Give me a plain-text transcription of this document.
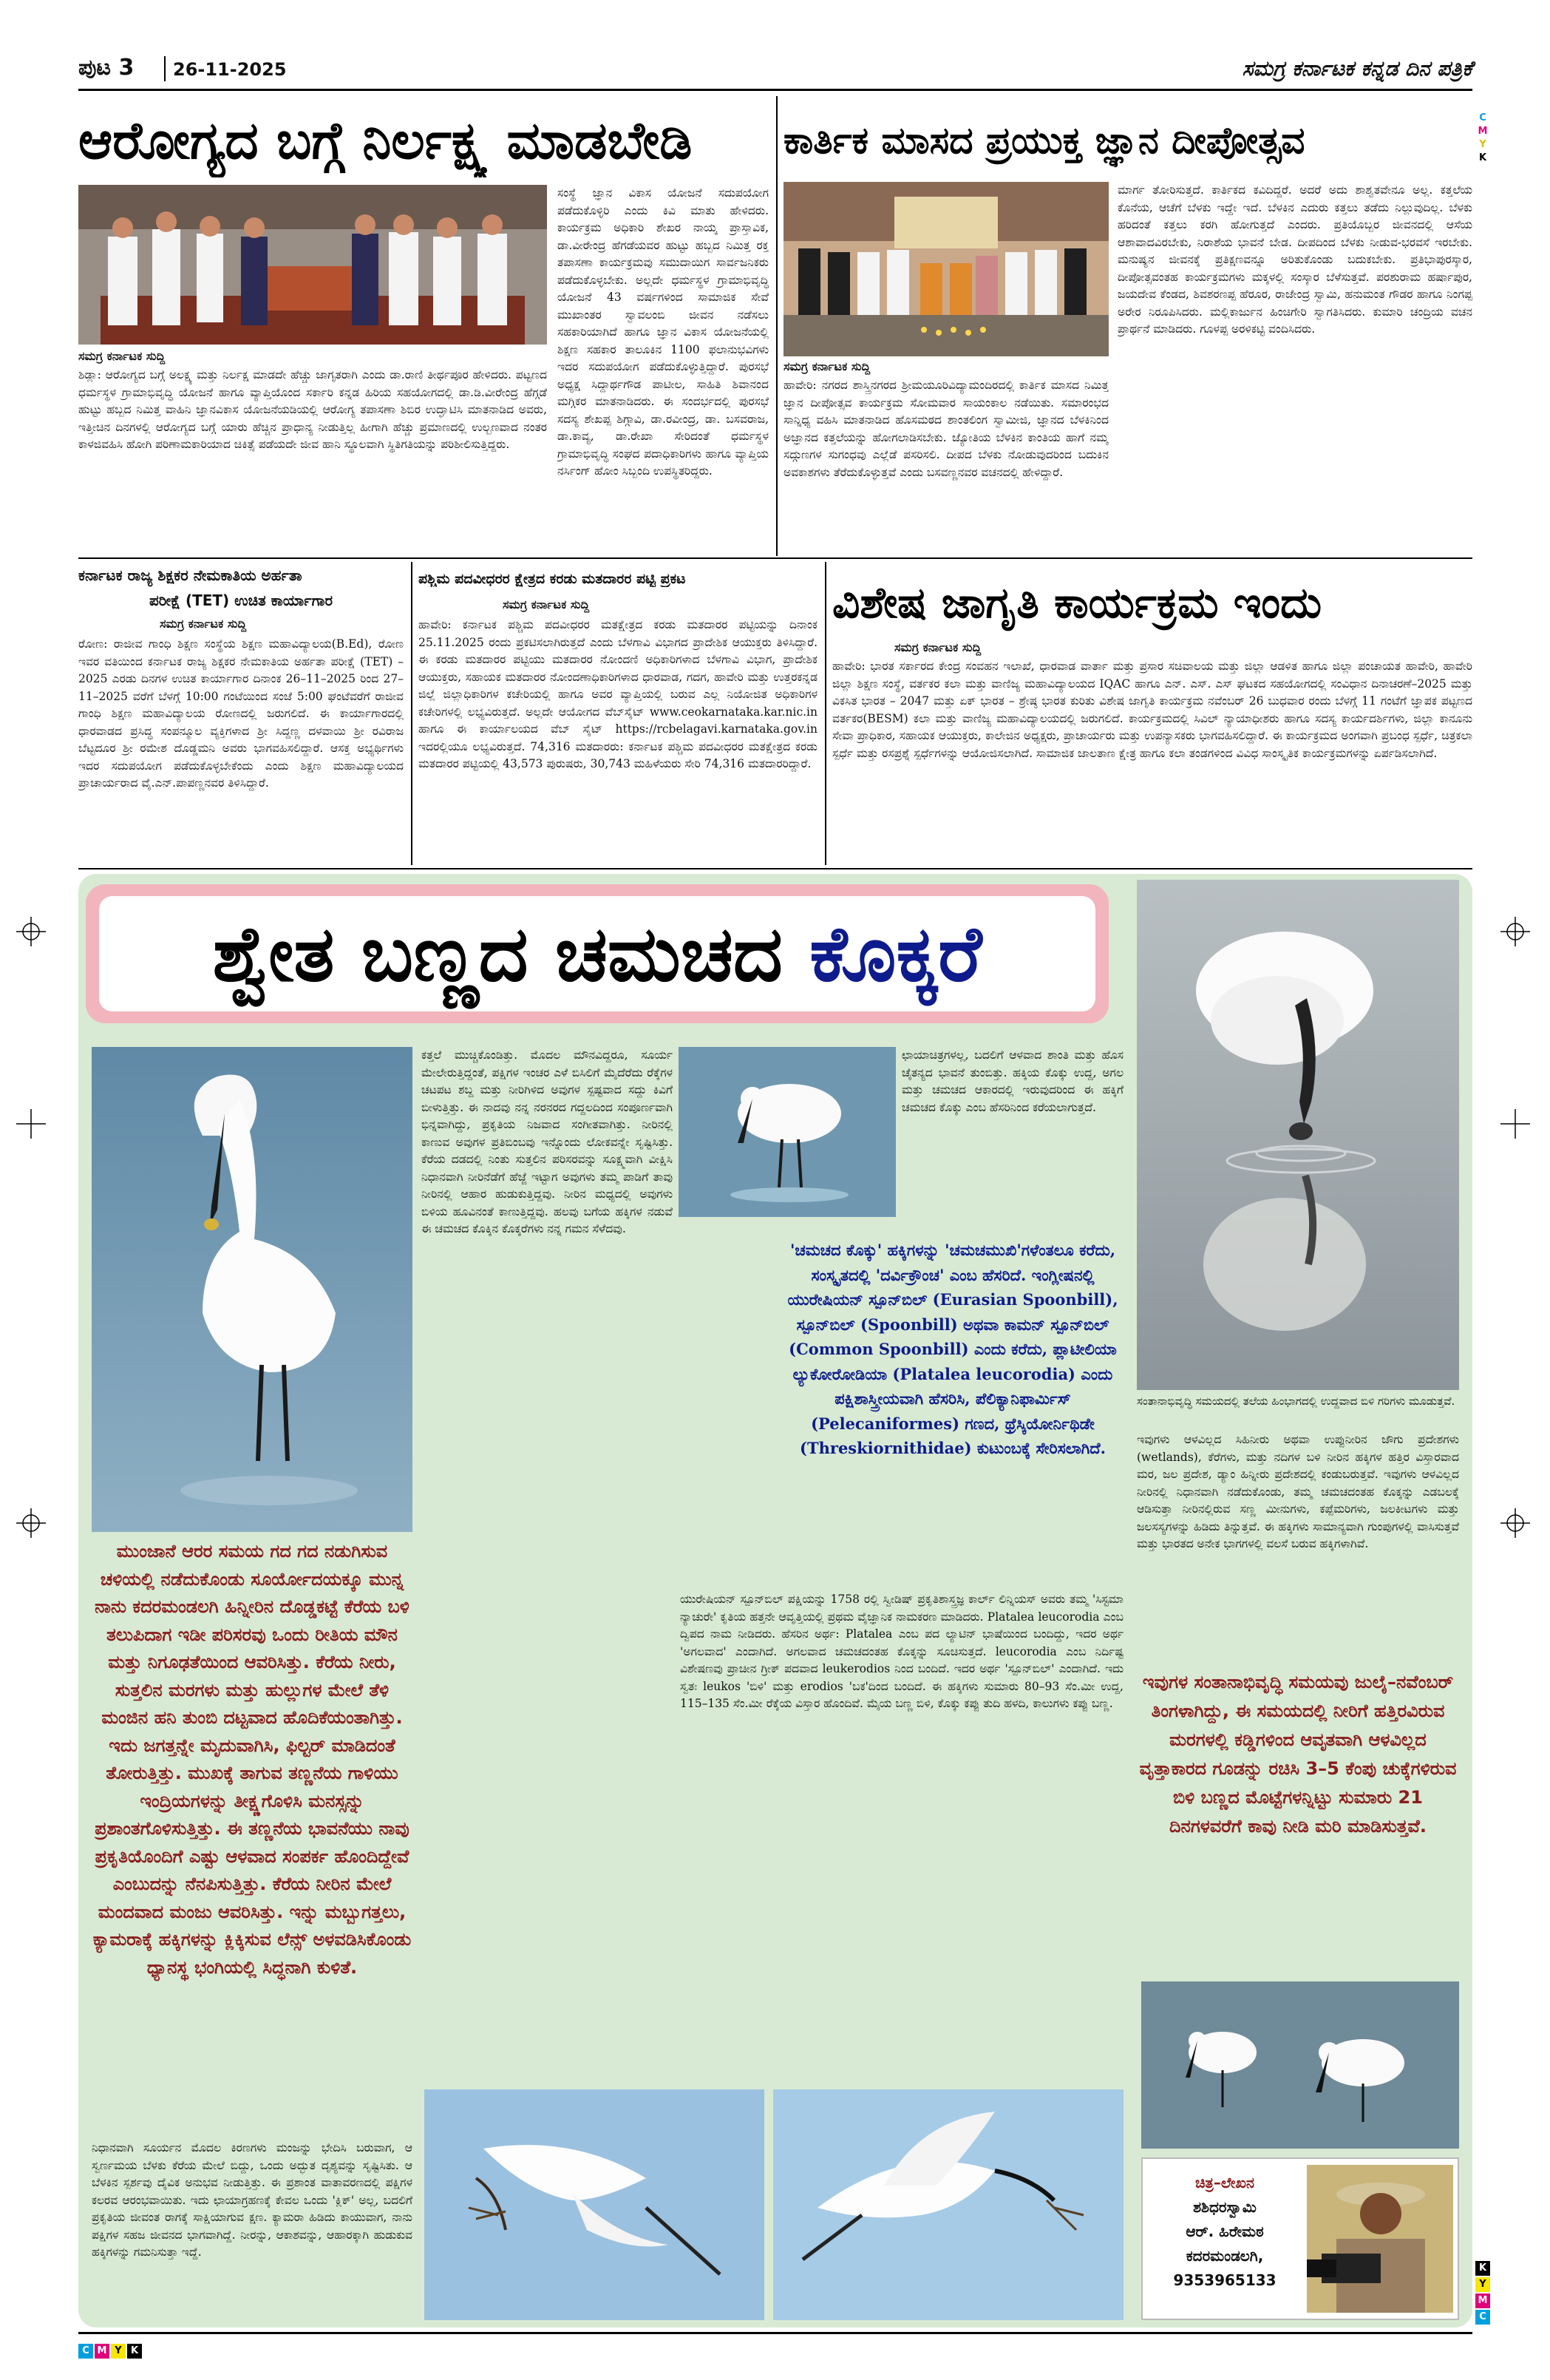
ಪುಟ 3 26-11-2025	ಸಮಗ್ರ ಕರ್ನಾಟಕ ಕನ್ನಡ ದಿನ ಪತ್ರಿಕೆ
C
M
Y
K
ಆರೋಗ್ಯದ ಬಗ್ಗೆ ನಿರ್ಲಕ್ಷ್ಯ ಮಾಡಬೇಡಿ
ಸಮಗ್ರ ಕರ್ನಾಟಕ ಸುದ್ದಿ
ಶಿಡ್ಲಾ: ಆರೋಗ್ಯದ ಬಗ್ಗೆ ಅಲಕ್ಷ್ಯ ಮತ್ತು ನಿರ್ಲಕ್ಷ ಮಾಡದೇ ಹೆಚ್ಚು ಜಾಗೃತರಾಗಿ ಎಂದು ಡಾ.ರಾಣಿ ತೀರ್ಥಪೂರ ಹೇಳಿದರು. ಪಟ್ಟಣದ ಧರ್ಮಸ್ಥಳ ಗ್ರಾಮಾಭಿವೃದ್ಧಿ ಯೋಜನೆ ಹಾಗೂ ವ್ಯಾಪ್ತಿಯೊಂದ ಸರ್ಕಾರಿ ಕನ್ನಡ ಹಿರಿಯ ಸಹಯೋಗದಲ್ಲಿ ಡಾ.ಡಿ.ವೀರೇಂದ್ರ ಹೆಗ್ಗಡೆ ಹುಟ್ಟು ಹಬ್ಬದ ನಿಮಿತ್ತ ವಾಹಿನಿ ಜ್ಞಾನವಿಕಾಸ ಯೋಜನೆಯಡಿಯಲ್ಲಿ ಆರೋಗ್ಯ ತಪಾಸಣಾ ಶಿಬಿರ ಉದ್ಘಾಟಿಸಿ ಮಾತನಾಡಿದ ಅವರು, ಇತ್ತೀಚಿನ ದಿನಗಳಲ್ಲಿ ಆರೋಗ್ಯದ ಬಗ್ಗೆ ಯಾರು ಹೆಚ್ಚಿನ ಪ್ರಾಧಾನ್ಯ ನೀಡುತ್ತಿಲ್ಲ ಹೀಗಾಗಿ ಹೆಚ್ಚು ಪ್ರಮಾಣದಲ್ಲಿ ಉಲ್ಬಣವಾದ ನಂತರ ಕಾಳಜಿವಹಿಸಿ ಹೋಗಿ ಪರಿಣಾಮಕಾರಿಯಾದ ಚಿಕಿತ್ಸೆ ಪಡೆಯದೇ ಜೀವ ಹಾನಿ ಸ್ಥೂಲವಾಗಿ ಸ್ಥಿತಿಗತಿಯನ್ನು ಪರಿಶೀಲಿಸುತ್ತಿದ್ದರು.
ಸಂಸ್ಥೆ ಜ್ಞಾನ ವಿಕಾಸ ಯೋಜನೆ ಸದುಪಯೋಗ ಪಡೆದುಕೊಳ್ಳಿರಿ ಎಂದು ಕಿವಿ ಮಾತು ಹೇಳಿದರು. ಕಾರ್ಯಕ್ರಮ ಅಧಿಕಾರಿ ಶೇಖರ ನಾಯ್ಕ ಪ್ರಾಸ್ತಾವಿಕ, ಡಾ.ವೀರೇಂದ್ರ ಹೆಗಡೆಯವರ ಹುಟ್ಟು ಹಬ್ಬದ ನಿಮಿತ್ತ ರಕ್ತ ತಪಾಸಣಾ ಕಾರ್ಯಕ್ರಮವು ಸಮುದಾಯಿಗ ಸಾರ್ವಜನಿಕರು ಪಡೆದುಕೊಳ್ಳಬೇಕು. ಅಲ್ಲದೇ ಧರ್ಮಸ್ಥಳ ಗ್ರಾಮಾಭಿವೃದ್ಧಿ ಯೋಜನೆ 43 ವರ್ಷಗಳಿಂದ ಸಾಮಾಜಿಕ ಸೇವೆ ಮುಖಾಂತರ ಸ್ವಾವಲಂಬಿ ಜೀವನ ನಡೆಸಲು ಸಹಕಾರಿಯಾಗಿದೆ ಹಾಗೂ ಜ್ಞಾನ ವಿಕಾಸ ಯೋಜನೆಯಲ್ಲಿ ಶಿಕ್ಷಣ ಸಹಕಾರ ತಾಲೂಕಿನ 1100 ಫಲಾನುಭವಿಗಳು ಇದರ ಸದುಪಯೋಗ ಪಡೆದುಕೊಳ್ಳುತ್ತಿದ್ದಾರೆ. ಪುರಸಭೆ ಅಧ್ಯಕ್ಷ ಸಿದ್ದಾರ್ಥಗೌಡ ಪಾಟೀಲ, ಸಾಹಿತಿ ಶಿವಾನಂದ ಮಗ್ಗಿಕರ ಮಾತನಾಡಿದರು. ಈ ಸಂದರ್ಭದಲ್ಲಿ ಪುರಸಭೆ ಸದಸ್ಯ ಶೇಖಪ್ಪ ಶಿಗ್ಗಾವಿ, ಡಾ.ರವೀಂದ್ರ, ಡಾ. ಬಸವರಾಜ, ಡಾ.ಕಾವ್ಯ, ಡಾ.ರೇಖಾ ಸೇರಿದಂತೆ ಧರ್ಮಸ್ಥಳ ಗ್ರಾಮಾಭಿವೃದ್ಧಿ ಸಂಘದ ಪದಾಧಿಕಾರಿಗಳು ಹಾಗೂ ವ್ಯಾಪ್ತಿಯ ನರ್ಸಿಂಗ್ ಹೋಂ ಸಿಬ್ಬಂದಿ ಉಪಸ್ಥಿತರಿದ್ದರು.
ಕಾರ್ತಿಕ ಮಾಸದ ಪ್ರಯುಕ್ತ ಜ್ಞಾನ ದೀಪೋತ್ಸವ
ಸಮಗ್ರ ಕರ್ನಾಟಕ ಸುದ್ದಿ
ಹಾವೇರಿ: ನಗರದ ಶಾಸ್ತ್ರಿನಗರದ ಶ್ರೀಮಯೂರಿವಿದ್ಯಾಮಂದಿರದಲ್ಲಿ ಕಾರ್ತಿಕ ಮಾಸದ ನಿಮಿತ್ತ ಜ್ಞಾನ ದೀಪೋತ್ಸವ ಕಾರ್ಯಕ್ರಮ ಸೋಮವಾರ ಸಾಯಂಕಾಲ ನಡೆಯಿತು. ಸಮಾರಂಭದ ಸಾನ್ನಿಧ್ಯ ವಹಿಸಿ ಮಾತನಾಡಿದ ಹೊಸಮಠದ ಶಾಂತಲಿಂಗ ಸ್ವಾಮೀಜಿ, ಜ್ಞಾನದ ಬೆಳಕಿನಿಂದ ಅಜ್ಞಾನದ ಕತ್ತಲೆಯನ್ನು ಹೋಗಲಾಡಿಸಬೇಕು. ಜ್ಯೋತಿಯ ಬೆಳಕಿನ ಕಾಂತಿಯ ಹಾಗೆ ನಮ್ಮ ಸದ್ಗುಣಗಳ ಸುಗಂಧವು ಎಲ್ಲೆಡೆ ಪಸರಿಸಲಿ. ದೀಪದ ಬೆಳಕು ನೋಡುವುದರಿಂದ ಬದುಕಿನ ಅವಕಾಶಗಳು ತೆರೆದುಕೊಳ್ಳುತ್ತವೆ ಎಂದು ಬಸವಣ್ಣನವರ ವಚನದಲ್ಲಿ ಹೇಳಿದ್ದಾರೆ.
ಮಾರ್ಗ ತೋರಿಸುತ್ತದೆ. ಕಾರ್ತಿಕದ ಕವಿದಿದ್ದರೆ. ಅದರೆ ಅದು ಶಾಶ್ವತವೇನೂ ಅಲ್ಲ. ಕತ್ತಲೆಯ ಕೊನೆಯ, ಆಚೆಗೆ ಬೆಳಕು ಇದ್ದೇ ಇದೆ. ಬೆಳಕಿನ ಎದುರು ಕತ್ತಲು ತಡೆದು ನಿಲ್ಲುವುದಿಲ್ಲ. ಬೆಳಕು ಹರಿದಂತೆ ಕತ್ತಲು ಕರಗಿ ಹೋಗುತ್ತದೆ ಎಂದರು. ಪ್ರತಿಯೊಬ್ಬರ ಜೀವನದಲ್ಲಿ ಆಸೆಯ ಆಶಾವಾದವಿರಬೇಕು, ನಿರಾಶೆಯ ಭಾವನೆ ಬೇಡ. ದೀಪದಿಂದ ಬೆಳಕು ನೀಡುವ-ಭರವಸೆ ಇರಬೇಕು. ಮನುಷ್ಯನ ಜೀವನಕ್ಕೆ ಪ್ರತಿಕ್ಷಣವನ್ನೂ ಅರಿತುಕೊಂಡು ಬದುಕಬೇಕು. ಪ್ರತಿಭಾಪುರಸ್ಕಾರ, ದೀಪೋತ್ಸವಂತಹ ಕಾರ್ಯಕ್ರಮಗಳು ಮಕ್ಕಳಲ್ಲಿ ಸಂಸ್ಕಾರ ಬೆಳೆಸುತ್ತವೆ. ಪರಶುರಾಮ ಹರ್ಷಾಪುರ, ಜಯದೇವ ಕೆಂಡದ, ಶಿವಶರಣಪ್ಪ ಹೆರೂರ, ರಾಜೇಂದ್ರ ಸ್ವಾಮಿ, ಹನುಮಂತ ಗೌಡರ ಹಾಗೂ ನಿಂಗಪ್ಪ ಅರೇರ ನಿರೂಪಿಸಿದರು. ಮಲ್ಲಿಕಾರ್ಜುನ ಹಿಂಚಿಗೇರಿ ಸ್ವಾಗತಿಸಿದರು. ಕುಮಾರಿ ಚಂದ್ರಿಯ ವಚನ ಪ್ರಾರ್ಥನೆ ಮಾಡಿದರು. ಗೂಳಪ್ಪ ಅರಳಿಕಟ್ಟಿ ವಂದಿಸಿದರು.
ಕರ್ನಾಟಕ ರಾಜ್ಯ ಶಿಕ್ಷಕರ ನೇಮಕಾತಿಯ ಅರ್ಹತಾ
ಪರೀಕ್ಷೆ (TET) ಉಚಿತ ಕಾರ್ಯಾಗಾರ
ಸಮಗ್ರ ಕರ್ನಾಟಕ ಸುದ್ದಿ
ರೋಣ: ರಾಜೀವ ಗಾಂಧಿ ಶಿಕ್ಷಣ ಸಂಸ್ಥೆಯ ಶಿಕ್ಷಣ ಮಹಾವಿದ್ಯಾಲಯ(B.Ed), ರೋಣ ಇವರ ವತಿಯಿಂದ ಕರ್ನಾಟಕ ರಾಜ್ಯ ಶಿಕ್ಷಕರ ನೇಮಕಾತಿಯ ಅರ್ಹತಾ ಪರೀಕ್ಷೆ (TET) – 2025 ಎರಡು ದಿನಗಳ ಉಚಿತ ಕಾರ್ಯಾಗಾರ ದಿನಾಂಕ 26–11–2025 ರಿಂದ 27–11–2025 ವರೆಗೆ ಬೆಳಗ್ಗೆ 10:00 ಗಂಟೆಯಿಂದ ಸಂಜೆ 5:00 ಘಂಟೆವರೆಗೆ ರಾಜೀವ ಗಾಂಧಿ ಶಿಕ್ಷಣ ಮಹಾವಿದ್ಯಾಲಯ ರೋಣದಲ್ಲಿ ಜರುಗಲಿದೆ. ಈ ಕಾರ್ಯಾಗಾರದಲ್ಲಿ ಧಾರವಾಡದ ಪ್ರಸಿದ್ಧ ಸಂಪನ್ಮೂಲ ವ್ಯಕ್ತಿಗಳಾದ ಶ್ರೀ ಸಿದ್ದಣ್ಣ ದಳವಾಯಿ ಶ್ರೀ ರವಿರಾಜ ಬೆಟ್ಟದೂರ ಶ್ರೀ ರಮೇಶ ದೊಡ್ಡಮನಿ ಅವರು ಭಾಗವಹಿಸಲಿದ್ದಾರೆ. ಆಸಕ್ತ ಅಭ್ಯರ್ಥಿಗಳು ಇದರ ಸದುಪಯೋಗ ಪಡೆದುಕೊಳ್ಳಬೇಕೆಂದು ಎಂದು ಶಿಕ್ಷಣ ಮಹಾವಿದ್ಯಾಲಯದ ಪ್ರಾಚಾರ್ಯರಾದ ವೈ.ಎನ್.ಪಾಪಣ್ಣನವರ ತಿಳಿಸಿದ್ದಾರೆ.
ಪಶ್ಚಿಮ ಪದವೀಧರರ ಕ್ಷೇತ್ರದ ಕರಡು ಮತದಾರರ ಪಟ್ಟಿ ಪ್ರಕಟ
ಸಮಗ್ರ ಕರ್ನಾಟಕ ಸುದ್ದಿ
ಹಾವೇರಿ: ಕರ್ನಾಟಕ ಪಶ್ಚಿಮ ಪದವೀಧರರ ಮತಕ್ಷೇತ್ರದ ಕರಡು ಮತದಾರರ ಪಟ್ಟಿಯನ್ನು ದಿನಾಂಕ 25.11.2025 ರಂದು ಪ್ರಕಟಿಸಲಾಗಿರುತ್ತದೆ ಎಂದು ಬೆಳಗಾವಿ ವಿಭಾಗದ ಪ್ರಾದೇಶಿಕ ಆಯುಕ್ತರು ತಿಳಿಸಿದ್ದಾರೆ. ಈ ಕರಡು ಮತದಾರರ ಪಟ್ಟಿಯು ಮತದಾರರ ನೋಂದಣಿ ಅಧಿಕಾರಿಗಳಾದ ಬೆಳಗಾವಿ ವಿಭಾಗ, ಪ್ರಾದೇಶಿಕ ಆಯುಕ್ತರು, ಸಹಾಯಕ ಮತದಾರರ ನೋಂದಣಾಧಿಕಾರಿಗಳಾದ ಧಾರವಾಡ, ಗದಗ, ಹಾವೇರಿ ಮತ್ತು ಉತ್ತರಕನ್ನಡ ಜಿಲ್ಲೆ ಜಿಲ್ಲಾಧಿಕಾರಿಗಳ ಕಚೇರಿಯಲ್ಲಿ ಹಾಗೂ ಅವರ ವ್ಯಾಪ್ತಿಯಲ್ಲಿ ಬರುವ ಎಲ್ಲ ನಿಯೋಜಿತ ಅಧಿಕಾರಿಗಳ ಕಚೇರಿಗಳಲ್ಲಿ ಲಭ್ಯವಿರುತ್ತದೆ. ಅಲ್ಲದೇ ಆಯೋಗದ ವೆಬ್‌ಸೈಟ್ www.ceokarnataka.kar.nic.in ಹಾಗೂ ಈ ಕಾರ್ಯಾಲಯದ ವೆಬ್ ಸೈಟ್ https://rcbelagavi.karnataka.gov.in ಇದರಲ್ಲಿಯೂ ಲಭ್ಯವಿರುತ್ತದೆ. 74,316 ಮತದಾರರು: ಕರ್ನಾಟಕ ಪಶ್ಚಿಮ ಪದವೀಧರರ ಮತಕ್ಷೇತ್ರದ ಕರಡು ಮತದಾರರ ಪಟ್ಟಿಯಲ್ಲಿ 43,573 ಪುರುಷರು, 30,743 ಮಹಿಳೆಯರು ಸೇರಿ 74,316 ಮತದಾರರಿದ್ದಾರೆ.
ವಿಶೇಷ ಜಾಗೃತಿ ಕಾರ್ಯಕ್ರಮ ಇಂದು
ಸಮಗ್ರ ಕರ್ನಾಟಕ ಸುದ್ದಿ
ಹಾವೇರಿ: ಭಾರತ ಸರ್ಕಾರದ ಕೇಂದ್ರ ಸಂವಹನ ಇಲಾಖೆ, ಧಾರವಾಡ ವಾರ್ತಾ ಮತ್ತು ಪ್ರಸಾರ ಸಚಿವಾಲಯ ಮತ್ತು ಜಿಲ್ಲಾ ಆಡಳಿತ ಹಾಗೂ ಜಿಲ್ಲಾ ಪಂಚಾಯತ ಹಾವೇರಿ, ಹಾವೇರಿ ಜಿಲ್ಲಾ ಶಿಕ್ಷಣ ಸಂಸ್ಥೆ, ವರ್ತಕರ ಕಲಾ ಮತ್ತು ವಾಣಿಜ್ಯ ಮಹಾವಿದ್ಯಾಲಯದ IQAC ಹಾಗೂ ಎನ್. ಎಸ್. ಎಸ್ ಘಟಕದ ಸಹಯೋಗದಲ್ಲಿ ಸಂವಿಧಾನ ದಿನಾಚರಣೆ–2025 ಮತ್ತು ವಿಕಸಿತ ಭಾರತ – 2047 ಮತ್ತು ಏಕ್ ಭಾರತ – ಶ್ರೇಷ್ಠ ಭಾರತ ಕುರಿತು ವಿಶೇಷ ಜಾಗೃತಿ ಕಾರ್ಯಕ್ರಮ ನವೆಂಬರ್ 26 ಬುಧವಾರ ರಂದು ಬೆಳಗ್ಗೆ 11 ಗಂಟೆಗೆ ಜ್ಞಾಪಕ ಪಟ್ಟಣದ ವರ್ತಕರ(BESM) ಕಲಾ ಮತ್ತು ವಾಣಿಜ್ಯ ಮಹಾವಿದ್ಯಾಲಯದಲ್ಲಿ ಜರುಗಲಿದೆ. ಕಾರ್ಯಕ್ರಮದಲ್ಲಿ ಸಿವಿಲ್ ನ್ಯಾಯಾಧೀಶರು ಹಾಗೂ ಸದಸ್ಯ ಕಾರ್ಯದರ್ಶಿಗಳು, ಜಿಲ್ಲಾ ಕಾನೂನು ಸೇವಾ ಪ್ರಾಧಿಕಾರ, ಸಹಾಯಕ ಆಯುಕ್ತರು, ಕಾಲೇಜಿನ ಅಧ್ಯಕ್ಷರು, ಪ್ರಾಚಾರ್ಯರು ಮತ್ತು ಉಪನ್ಯಾಸಕರು ಭಾಗವಹಿಸಲಿದ್ದಾರೆ. ಈ ಕಾರ್ಯಕ್ರಮದ ಅಂಗವಾಗಿ ಪ್ರಬಂಧ ಸ್ಪರ್ಧೆ, ಚಿತ್ರಕಲಾ ಸ್ಪರ್ಧೆ ಮತ್ತು ರಸಪ್ರಶ್ನೆ ಸ್ಪರ್ಧೆಗಳನ್ನು ಆಯೋಜಿಸಲಾಗಿದೆ. ಸಾಮಾಜಿಕ ಜಾಲತಾಣ ಕ್ಷೇತ್ರ ಹಾಗೂ ಕಲಾ ತಂಡಗಳಿಂದ ವಿವಿಧ ಸಾಂಸ್ಕೃತಿಕ ಕಾರ್ಯಕ್ರಮಗಳನ್ನು ಏರ್ಪಡಿಸಲಾಗಿದೆ.
ಶ್ವೇತ ಬಣ್ಣದ ಚಮಚದ ಕೊಕ್ಕರೆ
ಸಂತಾನಾಭಿವೃದ್ಧಿ ಸಮಯದಲ್ಲಿ ತಲೆಯ ಹಿಂಭಾಗದಲ್ಲಿ ಉದ್ದವಾದ ಬಿಳಿ ಗರಿಗಳು ಮೂಡುತ್ತವೆ.
ಮುಂಜಾನೆ ಆರರ ಸಮಯ ಗದ ಗದ ನಡುಗಿಸುವ ಚಳಿಯಲ್ಲಿ ನಡೆದುಕೊಂಡು ಸೂರ್ಯೋದಯಕ್ಕೂ ಮುನ್ನ ನಾನು ಕದರಮಂಡಲಗಿ ಹಿನ್ನೀರಿನ ದೊಡ್ಡಕಟ್ಟೆ ಕೆರೆಯ ಬಳಿ ತಲುಪಿದಾಗ ಇಡೀ ಪರಿಸರವು ಒಂದು ರೀತಿಯ ಮೌನ ಮತ್ತು ನಿಗೂಢತೆಯಿಂದ ಆವರಿಸಿತ್ತು. ಕೆರೆಯ ನೀರು, ಸುತ್ತಲಿನ ಮರಗಳು ಮತ್ತು ಹುಲ್ಲುಗಳ ಮೇಲೆ ತೆಳಿ ಮಂಜಿನ ಹನಿ ತುಂಬಿ ದಟ್ಟವಾದ ಹೊದಿಕೆಯಂತಾಗಿತ್ತು. ಇದು ಜಗತ್ತನ್ನೇ ಮೃದುವಾಗಿಸಿ, ಫಿಲ್ಟರ್ ಮಾಡಿದಂತೆ ತೋರುತ್ತಿತ್ತು. ಮುಖಕ್ಕೆ ತಾಗುವ ತಣ್ಣನೆಯ ಗಾಳಿಯು ಇಂದ್ರಿಯಗಳನ್ನು ತೀಕ್ಷ್ಣಗೊಳಿಸಿ ಮನಸ್ಸನ್ನು ಪ್ರಶಾಂತಗೊಳಿಸುತ್ತಿತ್ತು. ಈ ತಣ್ಣನೆಯ ಭಾವನೆಯು ನಾವು ಪ್ರಕೃತಿಯೊಂದಿಗೆ ಎಷ್ಟು ಆಳವಾದ ಸಂಪರ್ಕ ಹೊಂದಿದ್ದೇವೆ ಎಂಬುದನ್ನು ನೆನಪಿಸುತ್ತಿತ್ತು. ಕೆರೆಯ ನೀರಿನ ಮೇಲೆ ಮಂದವಾದ ಮಂಜು ಆವರಿಸಿತ್ತು. ಇನ್ನು ಮಬ್ಬುಗತ್ತಲು, ಕ್ಯಾಮರಾಕ್ಕೆ ಹಕ್ಕಿಗಳನ್ನು ಕ್ಲಿಕ್ಕಿಸುವ ಲೆನ್ಸ್ ಅಳವಡಿಸಿಕೊಂಡು ಧ್ಯಾನಸ್ಥ ಭಂಗಿಯಲ್ಲಿ ಸಿದ್ಧನಾಗಿ ಕುಳಿತೆ.
ನಿಧಾನವಾಗಿ ಸೂರ್ಯನ ಮೊದಲ ಕಿರಣಗಳು ಮಂಜನ್ನು ಭೇದಿಸಿ ಬರುವಾಗ, ಆ ಸ್ವರ್ಣಮಯ ಬೆಳಕು ಕೆರೆಯ ಮೇಲೆ ಬಿದ್ದು, ಒಂದು ಅದ್ಭುತ ದೃಶ್ಯವನ್ನು ಸೃಷ್ಟಿಸಿತು. ಆ ಬೆಳಕಿನ ಸ್ಪರ್ಶವು ದೈವಿಕ ಅನುಭವ ನೀಡುತ್ತಿತ್ತು. ಈ ಪ್ರಶಾಂತ ವಾತಾವರಣದಲ್ಲಿ ಪಕ್ಷಿಗಳ ಕಲರವ ಆರಂಭವಾಯಿತು. ಇದು ಛಾಯಾಗ್ರಹಣಕ್ಕೆ ಕೇವಲ ಒಂದು 'ಕ್ಲಿಕ್' ಅಲ್ಲ, ಬದಲಿಗೆ ಪ್ರಕೃತಿಯ ಜೀವಂತ ರಾಗಕ್ಕೆ ಸಾಕ್ಷಿಯಾಗುವ ಕ್ಷಣ. ಕ್ಯಾಮರಾ ಹಿಡಿದು ಕಾಯುವಾಗ, ನಾನು ಪಕ್ಷಿಗಳ ಸಹಜ ಜೀವನದ ಭಾಗವಾಗಿದ್ದೆ. ನೀರನ್ನು, ಆಕಾಶವನ್ನು, ಆಹಾರಕ್ಕಾಗಿ ಹುಡುಕುವ ಹಕ್ಕಿಗಳನ್ನು ಗಮನಿಸುತ್ತಾ ಇದ್ದೆ.
ಕತ್ತಲೆ ಮುಚ್ಚಿಕೊಂಡಿತ್ತು. ಮೊದಲ ಮೌನವಿದ್ದರೂ, ಸೂರ್ಯ ಮೇಲೇರುತ್ತಿದ್ದಂತೆ, ಪಕ್ಷಿಗಳ ಇಂಚರ ಎಳೆ ಬಿಸಿಲಿಗೆ ಮೈದೆರೆದು ರೆಕ್ಕೆಗಳ ಚಟಪಟ ಶಬ್ದ ಮತ್ತು ನೀರಿಗಿಳಿದ ಅವುಗಳ ಸ್ಪಷ್ಟವಾದ ಸದ್ದು ಕಿವಿಗೆ ಬೀಳುತ್ತಿತ್ತು. ಈ ನಾದವು ನನ್ನ ನರನರದ ಗದ್ದಲದಿಂದ ಸಂಪೂರ್ಣವಾಗಿ ಭಿನ್ನವಾಗಿದ್ದು, ಪ್ರಕೃತಿಯ ನಿಜವಾದ ಸಂಗೀತವಾಗಿತ್ತು. ನೀರಿನಲ್ಲಿ ಕಾಣುವ ಅವುಗಳ ಪ್ರತಿಬಿಂಬವು ಇನ್ನೊಂದು ಲೋಕವನ್ನೇ ಸೃಷ್ಟಿಸಿತ್ತು. ಕೆರೆಯ ದಡದಲ್ಲಿ ನಿಂತು ಸುತ್ತಲಿನ ಪರಿಸರವನ್ನು ಸೂಕ್ಷ್ಮವಾಗಿ ವೀಕ್ಷಿಸಿ ನಿಧಾನವಾಗಿ ನೀರಿನೆಡೆಗೆ ಹೆಜ್ಜೆ ಇಟ್ಟಾಗ ಅವುಗಳು ತಮ್ಮ ಪಾಡಿಗೆ ತಾವು ನೀರಿನಲ್ಲಿ ಆಹಾರ ಹುಡುಕುತ್ತಿದ್ದವು. ನೀರಿನ ಮಧ್ಯದಲ್ಲಿ ಅವುಗಳು ಬಿಳಿಯ ಹೂವಿನಂತೆ ಕಾಣುತ್ತಿದ್ದವು. ಹಲವು ಬಗೆಯ ಹಕ್ಕಿಗಳ ನಡುವೆ ಈ ಚಮಚದ ಕೊಕ್ಕಿನ ಕೊಕ್ಕರೆಗಳು ನನ್ನ ಗಮನ ಸೆಳೆದವು.
ಛಾಯಾಚಿತ್ರಗಳಲ್ಲ, ಬದಲಿಗೆ ಆಳವಾದ ಶಾಂತಿ ಮತ್ತು ಹೊಸ ಚೈತನ್ಯದ ಭಾವನೆ ತುಂಬಿತ್ತು. ಹಕ್ಕಿಯ ಕೊಕ್ಕು ಉದ್ದ, ಅಗಲ ಮತ್ತು ಚಮಚದ ಆಕಾರದಲ್ಲಿ ಇರುವುದರಿಂದ ಈ ಹಕ್ಕಿಗೆ ಚಮಚದ ಕೊಕ್ಕು ಎಂಬ ಹೆಸರಿನಿಂದ ಕರೆಯಲಾಗುತ್ತದೆ.
'ಚಮಚದ ಕೊಕ್ಕು' ಹಕ್ಕಿಗಳನ್ನು 'ಚಮಚಮುಖಿ'ಗಳೆಂತಲೂ ಕರೆದು, ಸಂಸ್ಕೃತದಲ್ಲಿ 'ದರ್ವಿಕ್ರೌಂಚ' ಎಂಬ ಹೆಸರಿದೆ. ಇಂಗ್ಲೀಷನಲ್ಲಿ ಯುರೇಷಿಯನ್ ಸ್ಪೂನ್‌ಬಿಲ್ (Eurasian Spoonbill), ಸ್ಪೂನ್‌ಬಿಲ್ (Spoonbill) ಅಥವಾ ಕಾಮನ್ ಸ್ಪೂನ್‌ಬಿಲ್ (Common Spoonbill) ಎಂದು ಕರೆದು, ಪ್ಲಾಟೀಲಿಯಾ ಲ್ಯುಕೋರೋಡಿಯಾ (Platalea leucorodia) ಎಂದು ಪಕ್ಷಿಶಾಸ್ತ್ರೀಯವಾಗಿ ಹೆಸರಿಸಿ, ಪೆಲಿಕ್ಯಾನಿಫಾರ್ಮಿಸ್ (Pelecaniformes) ಗಣದ, ಥ್ರೆಸ್ಕಿಯೋರ್ನಿಥಿಡೇ (Threskiornithidae) ಕುಟುಂಬಕ್ಕೆ ಸೇರಿಸಲಾಗಿದೆ.
ಯುರೇಷಿಯನ್ ಸ್ಪೂನ್‌ಬಿಲ್ ಪಕ್ಷಿಯನ್ನು 1758 ರಲ್ಲಿ ಸ್ವೀಡಿಷ್ ಪ್ರಕೃತಿಶಾಸ್ತ್ರಜ್ಞ ಕಾರ್ಲ್ ಲಿನ್ನಿಯಸ್ ಅವರು ತಮ್ಮ 'ಸಿಸ್ಟಮಾ ನ್ಯಾಚುರೇ' ಕೃತಿಯ ಹತ್ತನೇ ಆವೃತ್ತಿಯಲ್ಲಿ ಪ್ರಥಮ ವೈಜ್ಞಾನಿಕ ನಾಮಕರಣ ಮಾಡಿದರು. Platalea leucorodia ಎಂಬ ದ್ವಿಪದ ನಾಮ ನೀಡಿದರು. ಹೆಸರಿನ ಅರ್ಥ: Platalea ಎಂಬ ಪದ ಲ್ಯಾಟಿನ್ ಭಾಷೆಯಿಂದ ಬಂದಿದ್ದು, ಇದರ ಅರ್ಥ 'ಅಗಲವಾದ' ಎಂದಾಗಿದೆ. ಅಗಲವಾದ ಚಮಚದಂತಹ ಕೊಕ್ಕನ್ನು ಸೂಚಿಸುತ್ತದೆ. leucorodia ಎಂಬ ನಿರ್ದಿಷ್ಟ ವಿಶೇಷಣವು ಪ್ರಾಚೀನ ಗ್ರೀಕ್ ಪದವಾದ leukerodios ನಿಂದ ಬಂದಿದೆ. ಇದರ ಅರ್ಥ 'ಸ್ಪೂನ್‌ಬಿಲ್' ಎಂದಾಗಿದೆ. ಇದು ಸ್ವತಃ leukos 'ಬಿಳಿ' ಮತ್ತು erodios 'ಬಕ'ದಿಂದ ಬಂದಿದೆ. ಈ ಹಕ್ಕಿಗಳು ಸುಮಾರು 80–93 ಸೆಂ.ಮೀ ಉದ್ದ, 115–135 ಸೆಂ.ಮೀ ರೆಕ್ಕೆಯ ವಿಸ್ತಾರ ಹೊಂದಿವೆ. ಮೈಯ ಬಣ್ಣ ಬಿಳಿ, ಕೊಕ್ಕು ಕಪ್ಪು ತುದಿ ಹಳದಿ, ಕಾಲುಗಳು ಕಪ್ಪು ಬಣ್ಣ.
ಇವುಗಳು ಆಳವಿಲ್ಲದ ಸಿಹಿನೀರು ಅಥವಾ ಉಪ್ಪುನೀರಿನ ಜೌಗು ಪ್ರದೇಶಗಳು (wetlands), ಕೆರೆಗಳು, ಮತ್ತು ನದಿಗಳ ಬಳಿ ನೀರಿನ ಹಕ್ಕಿಗಳ ಹತ್ತಿರ ವಿಸ್ತಾರವಾದ ಮರ, ಜಲ ಪ್ರದೇಶ, ಡ್ಯಾಂ ಹಿನ್ನೀರು ಪ್ರದೇಶದಲ್ಲಿ ಕಂಡುಬರುತ್ತವೆ. ಇವುಗಳು ಆಳವಿಲ್ಲದ ನೀರಿನಲ್ಲಿ ನಿಧಾನವಾಗಿ ನಡೆದುಕೊಂಡು, ತಮ್ಮ ಚಮಚದಂತಹ ಕೊಕ್ಕನ್ನು ಎಡಬಲಕ್ಕೆ ಆಡಿಸುತ್ತಾ ನೀರಿನಲ್ಲಿರುವ ಸಣ್ಣ ಮೀನುಗಳು, ಕಪ್ಪೆಮರಿಗಳು, ಜಲಕೀಟಗಳು ಮತ್ತು ಜಲಸಸ್ಯಗಳನ್ನು ಹಿಡಿದು ತಿನ್ನುತ್ತವೆ. ಈ ಹಕ್ಕಿಗಳು ಸಾಮಾನ್ಯವಾಗಿ ಗುಂಪುಗಳಲ್ಲಿ ವಾಸಿಸುತ್ತವೆ ಮತ್ತು ಭಾರತದ ಅನೇಕ ಭಾಗಗಳಲ್ಲಿ ವಲಸೆ ಬರುವ ಹಕ್ಕಿಗಳಾಗಿವೆ.
ಇವುಗಳ ಸಂತಾನಾಭಿವೃದ್ಧಿ ಸಮಯವು ಜುಲೈ–ನವೆಂಬರ್ ತಿಂಗಳಾಗಿದ್ದು, ಈ ಸಮಯದಲ್ಲಿ ನೀರಿಗೆ ಹತ್ತಿರವಿರುವ ಮರಗಳಲ್ಲಿ ಕಡ್ಡಿಗಳಿಂದ ಆವೃತವಾಗಿ ಆಳವಿಲ್ಲದ ವೃತ್ತಾಕಾರದ ಗೂಡನ್ನು ರಚಿಸಿ 3–5 ಕೆಂಪು ಚುಕ್ಕೆಗಳಿರುವ ಬಿಳಿ ಬಣ್ಣದ ಮೊಟ್ಟೆಗಳನ್ನಿಟ್ಟು ಸುಮಾರು 21 ದಿನಗಳವರೆಗೆ ಕಾವು ನೀಡಿ ಮರಿ ಮಾಡಿಸುತ್ತವೆ.
ಚಿತ್ರ–ಲೇಖನ
ಶಶಿಧರಸ್ವಾಮಿ
ಆರ್. ಹಿರೇಮಠ
ಕದರಮಂಡಲಗಿ,
9353965133
K
Y
M
C
C M Y K
